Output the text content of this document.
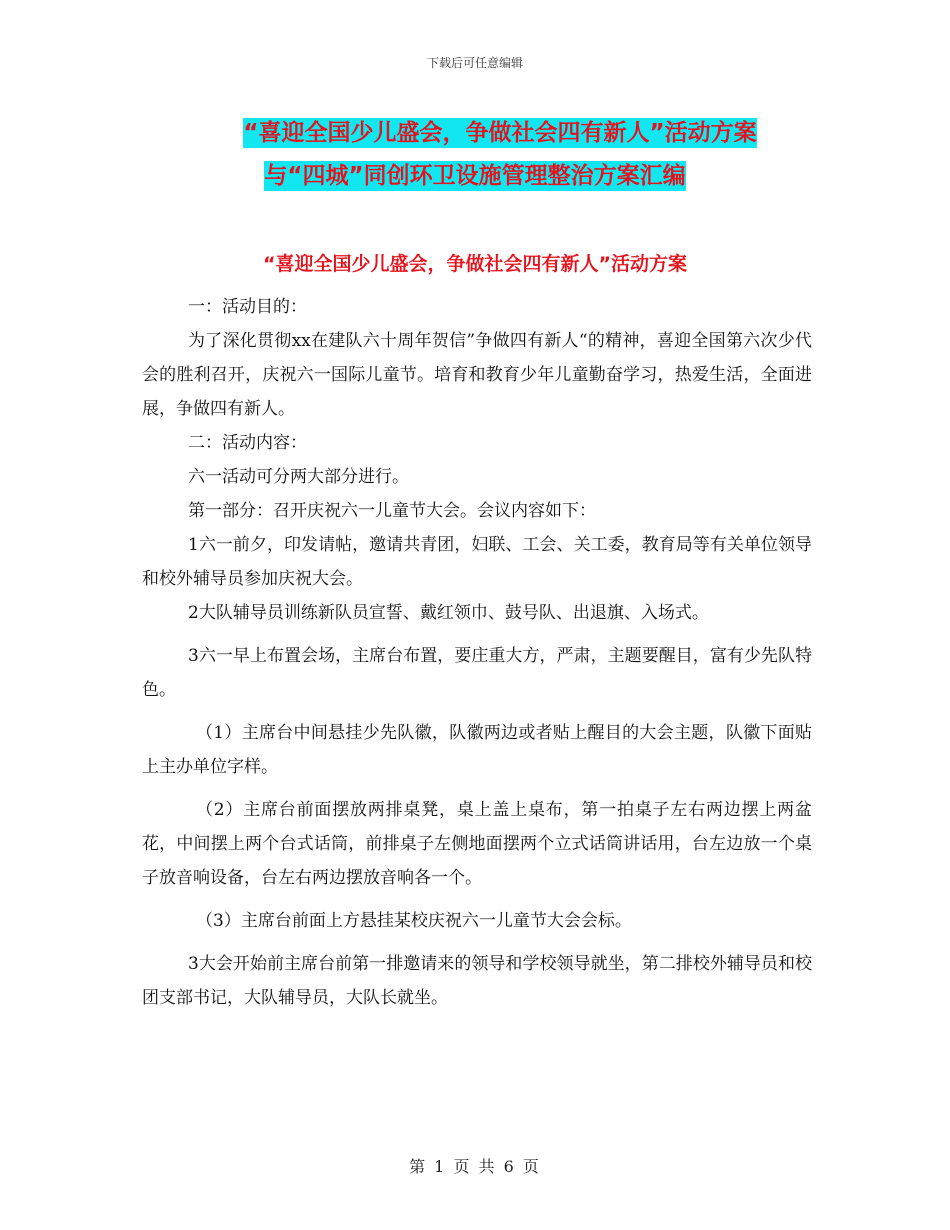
下载后可任意编辑
“喜迎全国少儿盛会，争做社会四有新人”活动方案
与“四城”同创环卫设施管理整治方案汇编
“喜迎全国少儿盛会，争做社会四有新人”活动方案

一：活动目的：

为了深化贯彻xx在建队六十周年贺信”争做四有新人“的精神，喜迎全国第六次少代会的胜利召开，庆祝六一国际儿童节。培育和教育少年儿童勤奋学习，热爱生活，全面进展，争做四有新人。

二：活动内容：

六一活动可分两大部分进行。

第一部分：召开庆祝六一儿童节大会。会议内容如下：

1六一前夕，印发请帖，邀请共青团，妇联、工会、关工委，教育局等有关单位领导和校外辅导员参加庆祝大会。

2大队辅导员训练新队员宣誓、戴红领巾、鼓号队、出退旗、入场式。

3六一早上布置会场，主席台布置，要庄重大方，严肃，主题要醒目，富有少先队特色。

（1）主席台中间悬挂少先队徽，队徽两边或者贴上醒目的大会主题，队徽下面贴上主办单位字样。

（2）主席台前面摆放两排桌凳，桌上盖上桌布，第一拍桌子左右两边摆上两盆花，中间摆上两个台式话筒，前排桌子左侧地面摆两个立式话筒讲话用，台左边放一个桌子放音响设备，台左右两边摆放音响各一个。

（3）主席台前面上方悬挂某校庆祝六一儿童节大会会标。

3大会开始前主席台前第一排邀请来的领导和学校领导就坐，第二排校外辅导员和校团支部书记，大队辅导员，大队长就坐。

第 1 页 共 6 页
